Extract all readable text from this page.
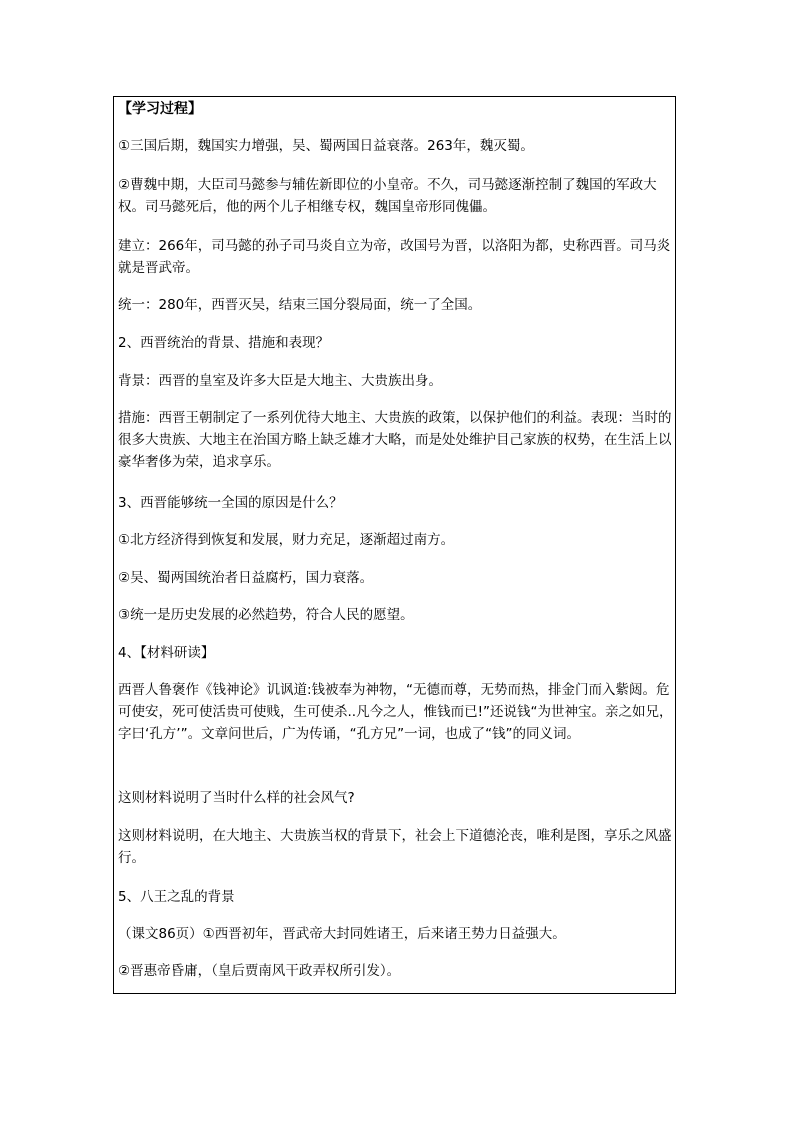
【学习过程】

①三国后期，魏国实力增强，吴、蜀两国日益衰落。263年，魏灭蜀。

②曹魏中期，大臣司马懿参与辅佐新即位的小皇帝。不久，司马懿逐渐控制了魏国的军政大权。司马懿死后，他的两个儿子相继专权，魏国皇帝形同傀儡。

建立：266年，司马懿的孙子司马炎自立为帝，改国号为晋，以洛阳为都，史称西晋。司马炎就是晋武帝。

统一：280年，西晋灭吴，结束三国分裂局面，统一了全国。

2、西晋统治的背景、措施和表现？

背景：西晋的皇室及许多大臣是大地主、大贵族出身。

措施：西晋王朝制定了一系列优待大地主、大贵族的政策，以保护他们的利益。表现：当时的很多大贵族、大地主在治国方略上缺乏雄才大略，而是处处维护目己家族的权势，在生活上以豪华奢侈为荣，追求享乐。

3、西晋能够统一全国的原因是什么？

①北方经济得到恢复和发展，财力充足，逐渐超过南方。

②吴、蜀两国统治者日益腐朽，国力衰落。

③统一是历史发展的必然趋势，符合人民的愿望。

4、【材料研读】

西晋人鲁褒作《钱神论》讥讽道:钱被奉为神物，“无德而尊，无势而热，排金门而入紫闼。危可使安，死可使活贵可使贱，生可使杀..凡今之人，惟钱而已!”还说钱“为世神宝。亲之如兄，字曰‘孔方’”。文章问世后，广为传诵，“孔方兄”一词，也成了“钱”的同义词。

这则材料说明了当时什么样的社会风气?

这则材料说明，在大地主、大贵族当权的背景下，社会上下道德沦丧，唯利是图，享乐之风盛行。

5、八王之乱的背景

（课文86页）①西晋初年，晋武帝大封同姓诸王，后来诸王势力日益强大。

②晋惠帝昏庸，（皇后贾南风干政弄权所引发）。
